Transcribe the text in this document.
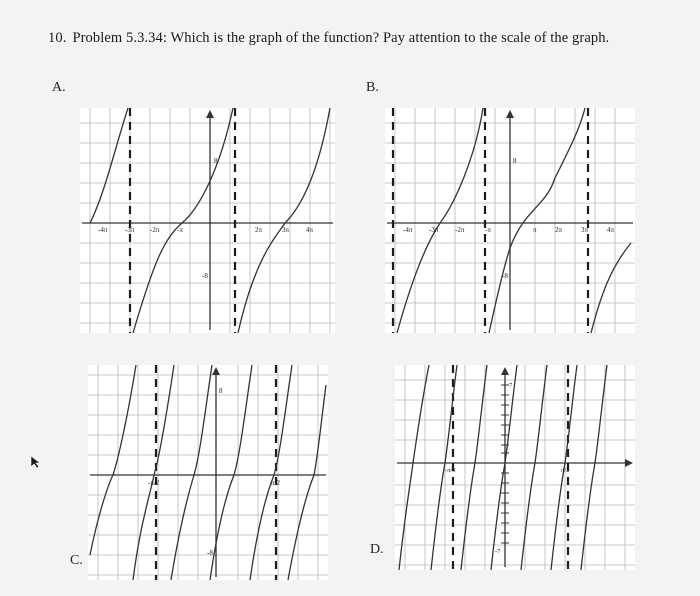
10. Problem 5.3.34: Which is the graph of the function? Pay attention to the scale of the graph.
A.
8
-8
-4π	-3π -2π	-π	2π	3π 4π
B.
8
-8
-4π -3π -2π	-π	π	2π	3π	4π
C.
8
-8
-π/2	π/2
D.
7
-7
-π/3	π/2
